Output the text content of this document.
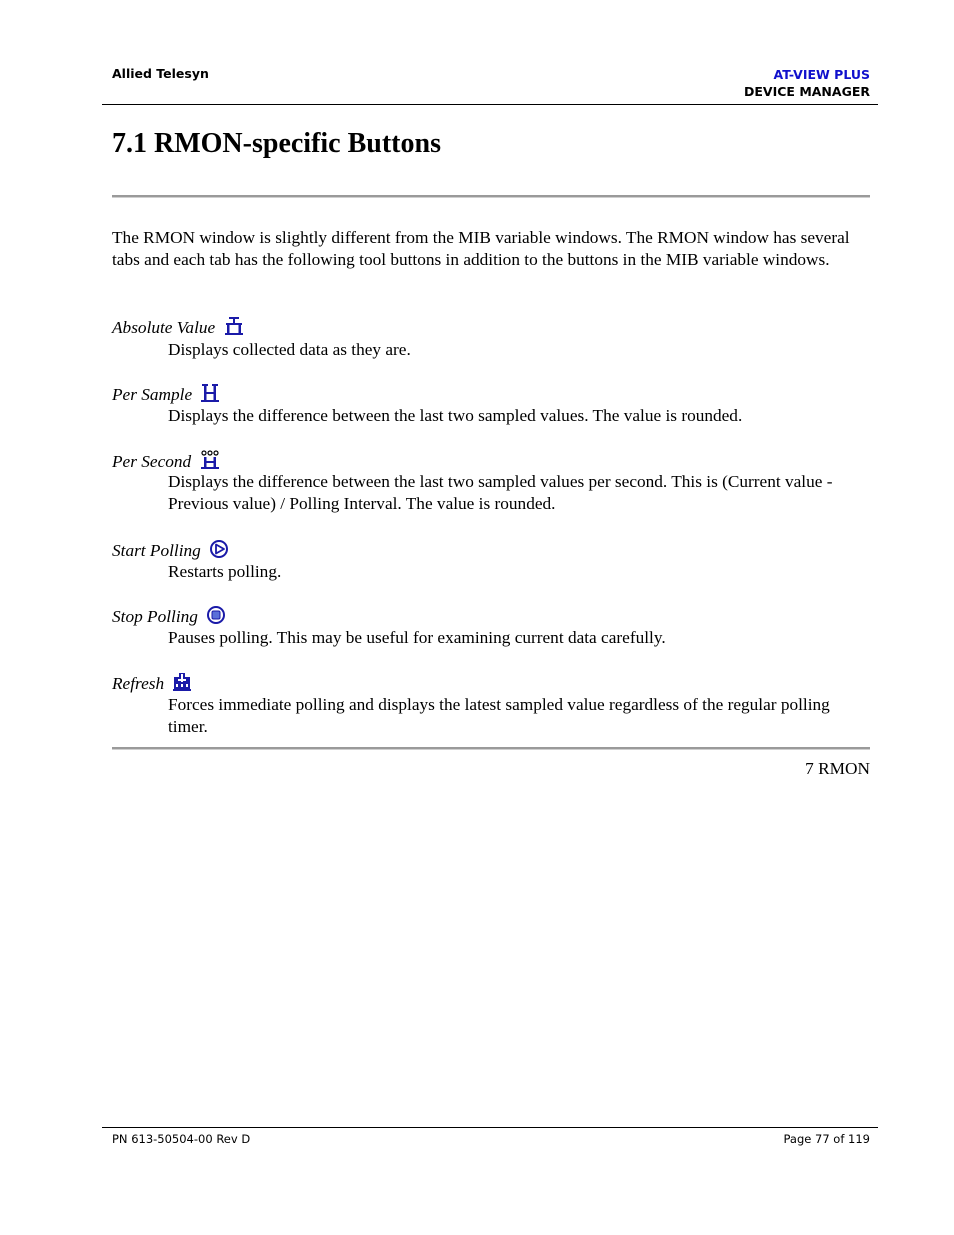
Allied Telesyn	AT-VIEW PLUS
DEVICE MANAGER
7.1 RMON-specific Buttons

The RMON window is slightly different from the MIB variable windows. The RMON window has several tabs and each tab has the following tool buttons in addition to the buttons in the MIB variable windows.

Absolute Value

Displays collected data as they are.

Per Sample

Displays the difference between the last two sampled values. The value is rounded.

Per Second

Displays the difference between the last two sampled values per second. This is (Current value - Previous value) / Polling Interval. The value is rounded.

Start Polling

Restarts polling.

Stop Polling

Pauses polling. This may be useful for examining current data carefully.

Refresh

Forces immediate polling and displays the latest sampled value regardless of the regular polling timer.

7 RMON
PN 613-50504-00 Rev D	Page 77 of 119
